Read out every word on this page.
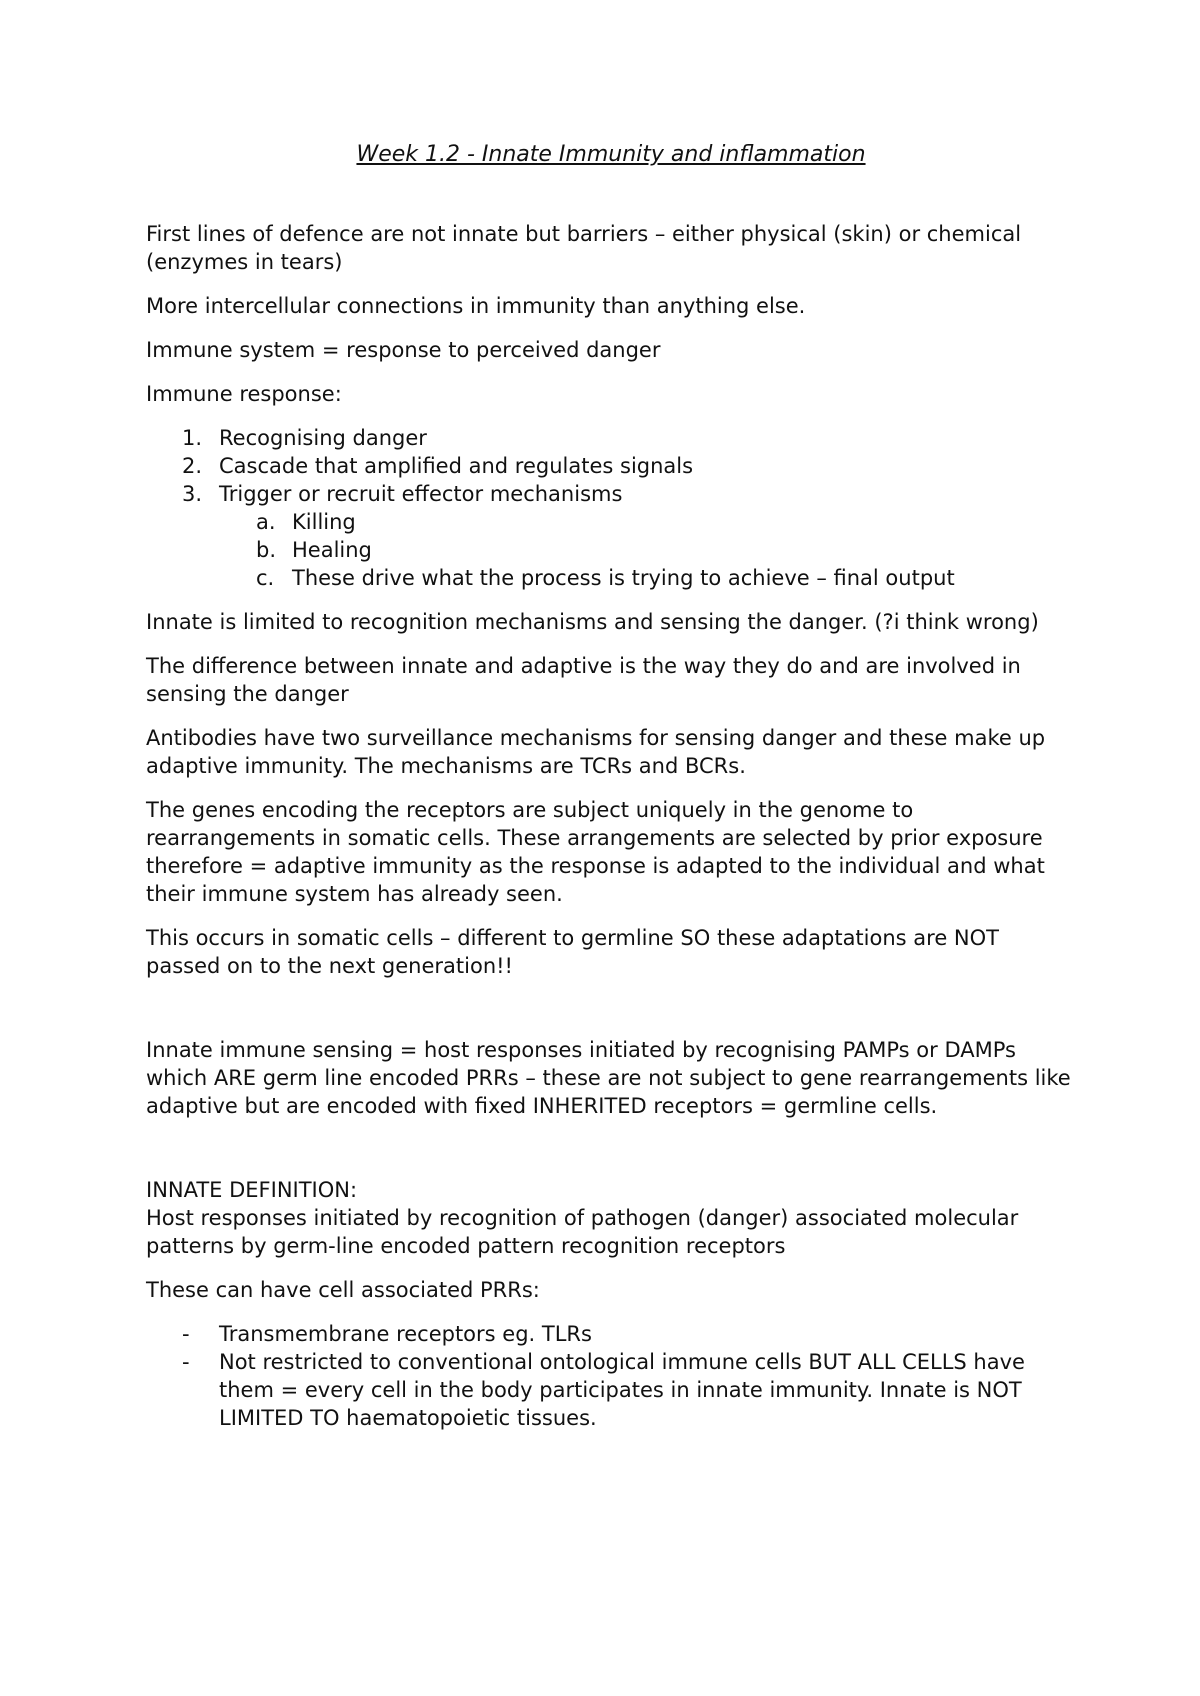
Week 1.2 - Innate Immunity and inflammation

First lines of defence are not innate but barriers – either physical (skin) or chemical (enzymes in tears)

More intercellular connections in immunity than anything else.

Immune system = response to perceived danger

Immune response:

1. Recognising danger
2. Cascade that amplified and regulates signals
3. Trigger or recruit effector mechanisms
a. Killing
b. Healing
c. These drive what the process is trying to achieve – final output

Innate is limited to recognition mechanisms and sensing the danger. (?i think wrong)

The difference between innate and adaptive is the way they do and are involved in sensing the danger

Antibodies have two surveillance mechanisms for sensing danger and these make up adaptive immunity. The mechanisms are TCRs and BCRs.

The genes encoding the receptors are subject uniquely in the genome to rearrangements in somatic cells. These arrangements are selected by prior exposure therefore = adaptive immunity as the response is adapted to the individual and what their immune system has already seen.

This occurs in somatic cells – different to germline SO these adaptations are NOT passed on to the next generation!!

Innate immune sensing = host responses initiated by recognising PAMPs or DAMPs which ARE germ line encoded PRRs – these are not subject to gene rearrangements like adaptive but are encoded with fixed INHERITED receptors = germline cells.

INNATE DEFINITION:

Host responses initiated by recognition of pathogen (danger) associated molecular patterns by germ-line encoded pattern recognition receptors

These can have cell associated PRRs:

- Transmembrane receptors eg. TLRs
- Not restricted to conventional ontological immune cells BUT ALL CELLS have them = every cell in the body participates in innate immunity. Innate is NOT LIMITED TO haematopoietic tissues.
